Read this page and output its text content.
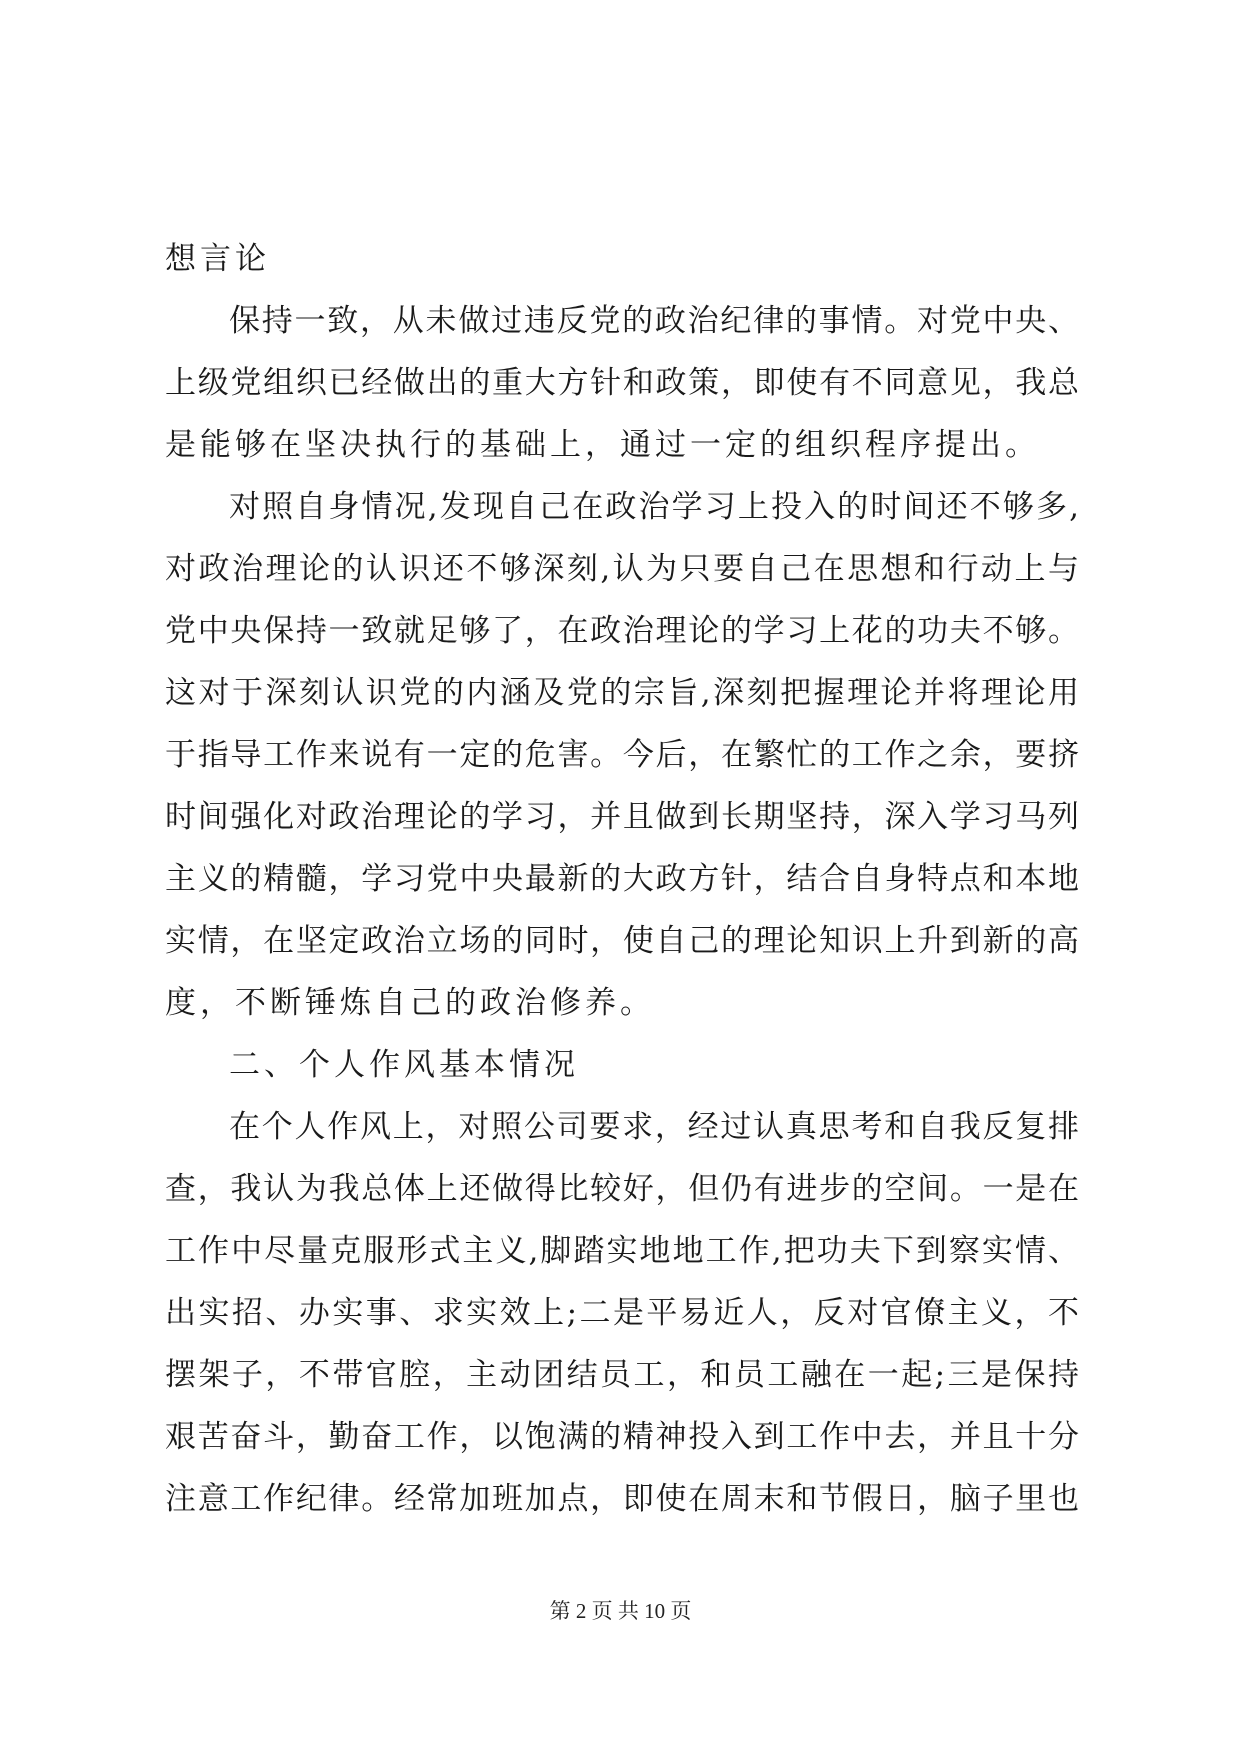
想言论
保持一致，从未做过违反党的政治纪律的事情。对党中央、
上级党组织已经做出的重大方针和政策，即使有不同意见，我总
是能够在坚决执行的基础上，通过一定的组织程序提出。
对照自身情况,发现自己在政治学习上投入的时间还不够多,
对政治理论的认识还不够深刻,认为只要自己在思想和行动上与
党中央保持一致就足够了，在政治理论的学习上花的功夫不够。
这对于深刻认识党的内涵及党的宗旨,深刻把握理论并将理论用
于指导工作来说有一定的危害。今后，在繁忙的工作之余，要挤
时间强化对政治理论的学习，并且做到长期坚持，深入学习马列
主义的精髓，学习党中央最新的大政方针，结合自身特点和本地
实情，在坚定政治立场的同时，使自己的理论知识上升到新的高
度，不断锤炼自己的政治修养。
二、个人作风基本情况
在个人作风上，对照公司要求，经过认真思考和自我反复排
查，我认为我总体上还做得比较好，但仍有进步的空间。一是在
工作中尽量克服形式主义,脚踏实地地工作,把功夫下到察实情、
出实招、办实事、求实效上;二是平易近人，反对官僚主义，不
摆架子，不带官腔，主动团结员工，和员工融在一起;三是保持
艰苦奋斗，勤奋工作，以饱满的精神投入到工作中去，并且十分
注意工作纪律。经常加班加点，即使在周末和节假日，脑子里也
第 2 页 共 10 页
